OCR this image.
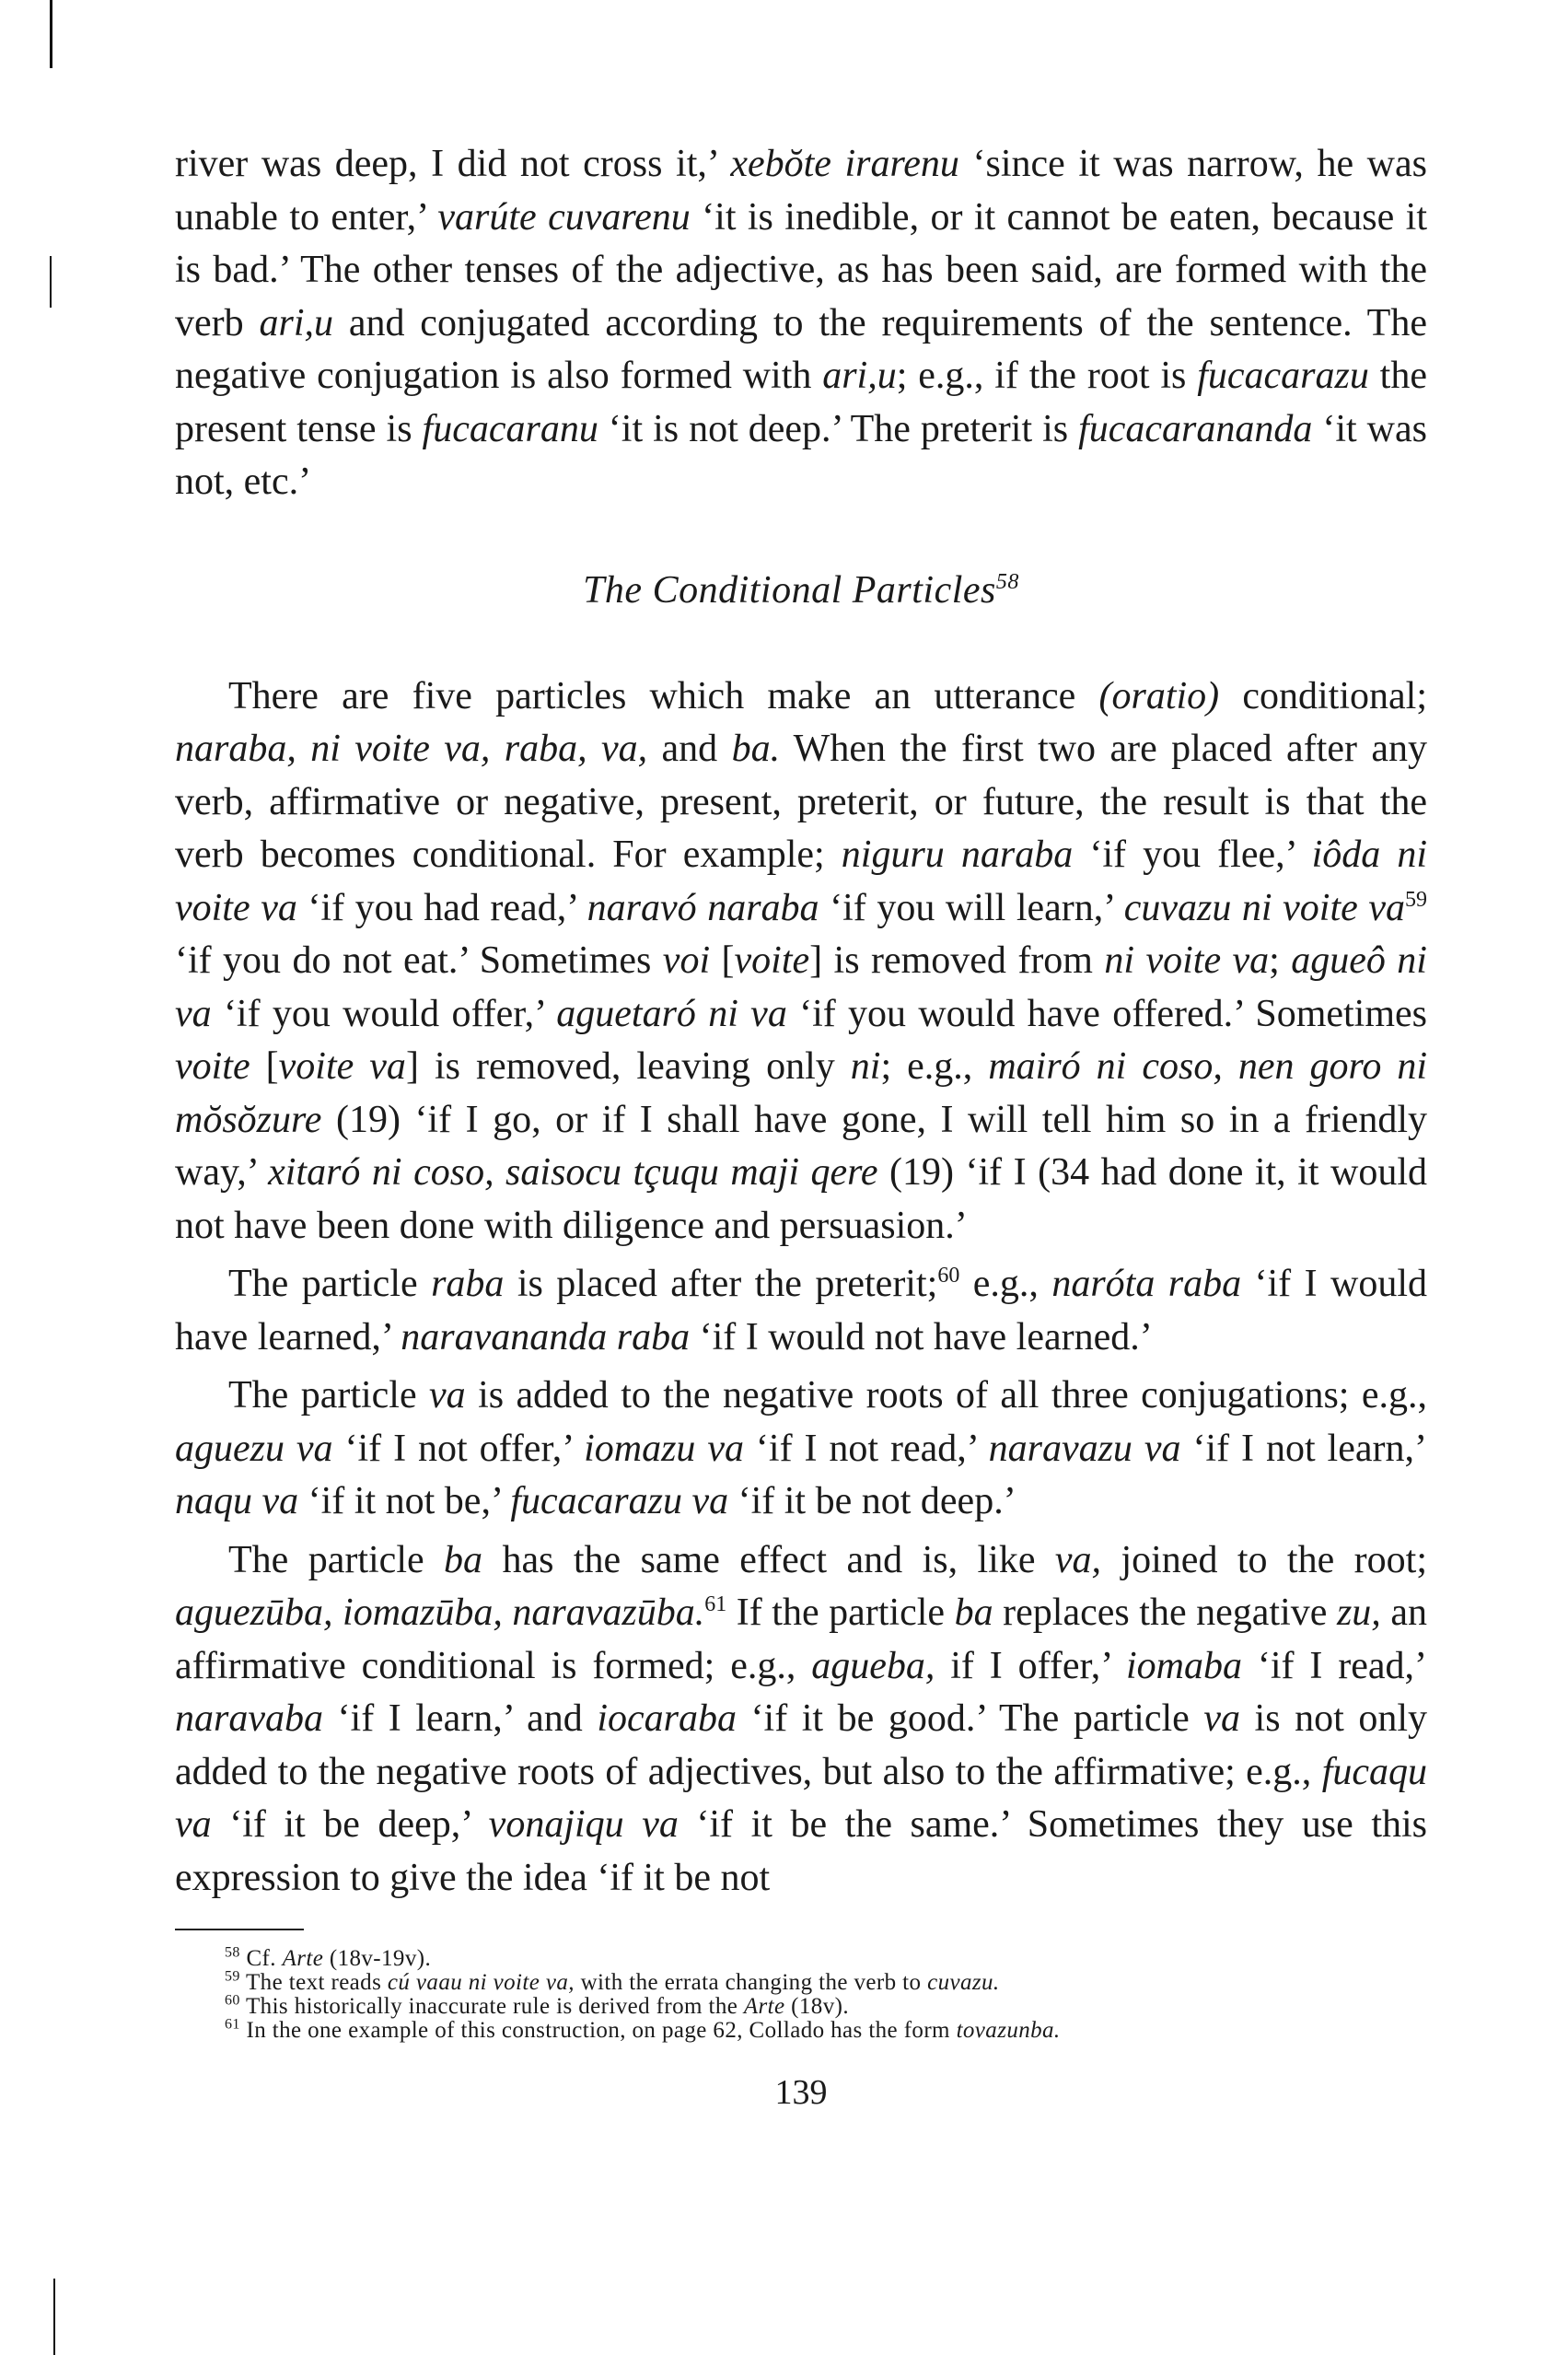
river was deep, I did not cross it,’ xebŏte irarenu ‘since it was narrow, he was unable to enter,’ varúte cuvarenu ‘it is inedible, or it cannot be eaten, because it is bad.’ The other tenses of the adjective, as has been said, are formed with the verb ari,u and conjugated according to the requirements of the sentence. The negative conjugation is also formed with ari,u; e.g., if the root is fucacarazu the present tense is fucacaranu ‘it is not deep.’ The preterit is fucacarananda ‘it was not, etc.’

The Conditional Particles$^{58}$

There are five particles which make an utterance (oratio) conditional; naraba, ni voite va, raba, va, and ba. When the first two are placed after any verb, affirmative or negative, present, preterit, or future, the result is that the verb becomes conditional. For example; niguru naraba ‘if you flee,’ iôda ni voite va ‘if you had read,’ naravó naraba ‘if you will learn,’ cuvazu ni voite $va^{59}$ ‘if you do not eat.’ Sometimes voi [voite] is removed from ni voite va; agueô ni va ‘if you would offer,’ aguetaró ni va ‘if you would have offered.’ Sometimes voite [voite va] is removed, leaving only ni; e.g., mairó ni coso, nen goro ni mŏsŏzure (19) ‘if I go, or if I shall have gone, I will tell him so in a friendly way,’ xitaró ni coso, saisocu tçuqu maji qere (19) ‘if I (34 had done it, it would not have been done with diligence and persuasion.’

The particle raba is placed after the preterit;$^{60}$ e.g., naróta raba ‘if I would have learned,’ naravananda raba ‘if I would not have learned.’

The particle va is added to the negative roots of all three conjugations; e.g., aguezu va ‘if I not offer,’ iomazu va ‘if I not read,’ naravazu va ‘if I not learn,’ naqu va ‘if it not be,’ fucacarazu va ‘if it be not deep.’

The particle ba has the same effect and is, like va, joined to the root; aguezūba, iomazūba, naravazūba.$^{61}$ If the particle ba replaces the negative zu, an affirmative conditional is formed; e.g., agueba, if I offer,’ iomaba ‘if I read,’ naravaba ‘if I learn,’ and iocaraba ‘if it be good.’ The particle va is not only added to the negative roots of adjectives, but also to the affirmative; e.g., fucaqu va ‘if it be deep,’ vonajiqu va ‘if it be the same.’ Sometimes they use this expression to give the idea ‘if it be not

$^{58}$ Cf. Arte (18v-19v).

$^{59}$ The text reads cú vaau ni voite va, with the errata changing the verb to cuvazu.

$^{60}$ This historically inaccurate rule is derived from the Arte (18v).

$^{61}$ In the one example of this construction, on page 62, Collado has the form tovazunba.

139
